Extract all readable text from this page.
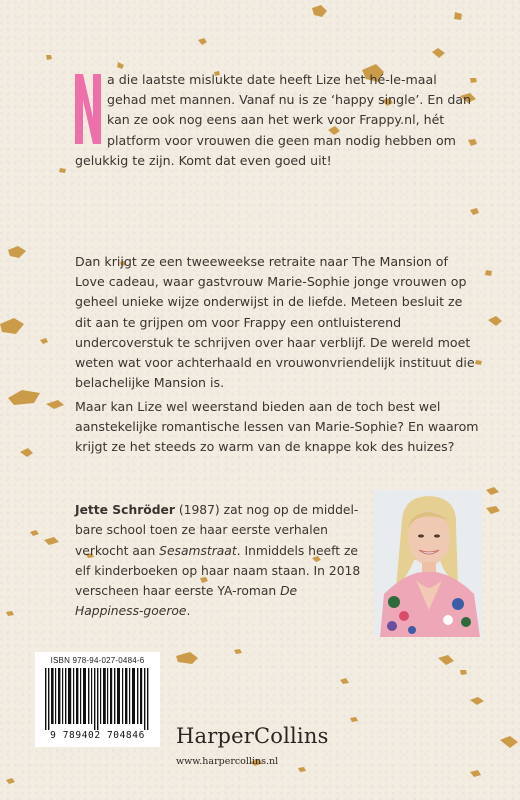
N
a die laatste mislukte date heeft Lize het hé-le-maal gehad met mannen. Vanaf nu is ze ‘happy single’. En dan kan ze ook nog eens aan het werk voor Frappy.nl, hét platform voor vrouwen die geen man nodig hebben om gelukkig te zijn. Komt dat even goed uit!
Dan krijgt ze een tweeweekse retraite naar The Mansion of Love cadeau, waar gastvrouw Marie-Sophie jonge vrouwen op geheel unieke wijze onderwijst in de liefde. Meteen besluit ze dit aan te grijpen om voor Frappy een ontluisterend undercoverstuk te schrijven over haar verblijf. De wereld moet weten wat voor achterhaald en vrouwonvriendelijk instituut die belachelijke Mansion is.
Maar kan Lize wel weerstand bieden aan de toch best wel aanstekelijke romantische lessen van Marie-Sophie? En waarom krijgt ze het steeds zo warm van de knappe kok des huizes?
Jette Schröder (1987) zat nog op de middel-bare school toen ze haar eerste verhalen verkocht aan Sesamstraat. Inmiddels heeft ze elf kinderboeken op haar naam staan. In 2018 verscheen haar eerste YA-roman De Happiness-goeroe.
ISBN 978-94-027-0484-6
9 789402 704846	HarperCollins
www.harpercollins.nl
